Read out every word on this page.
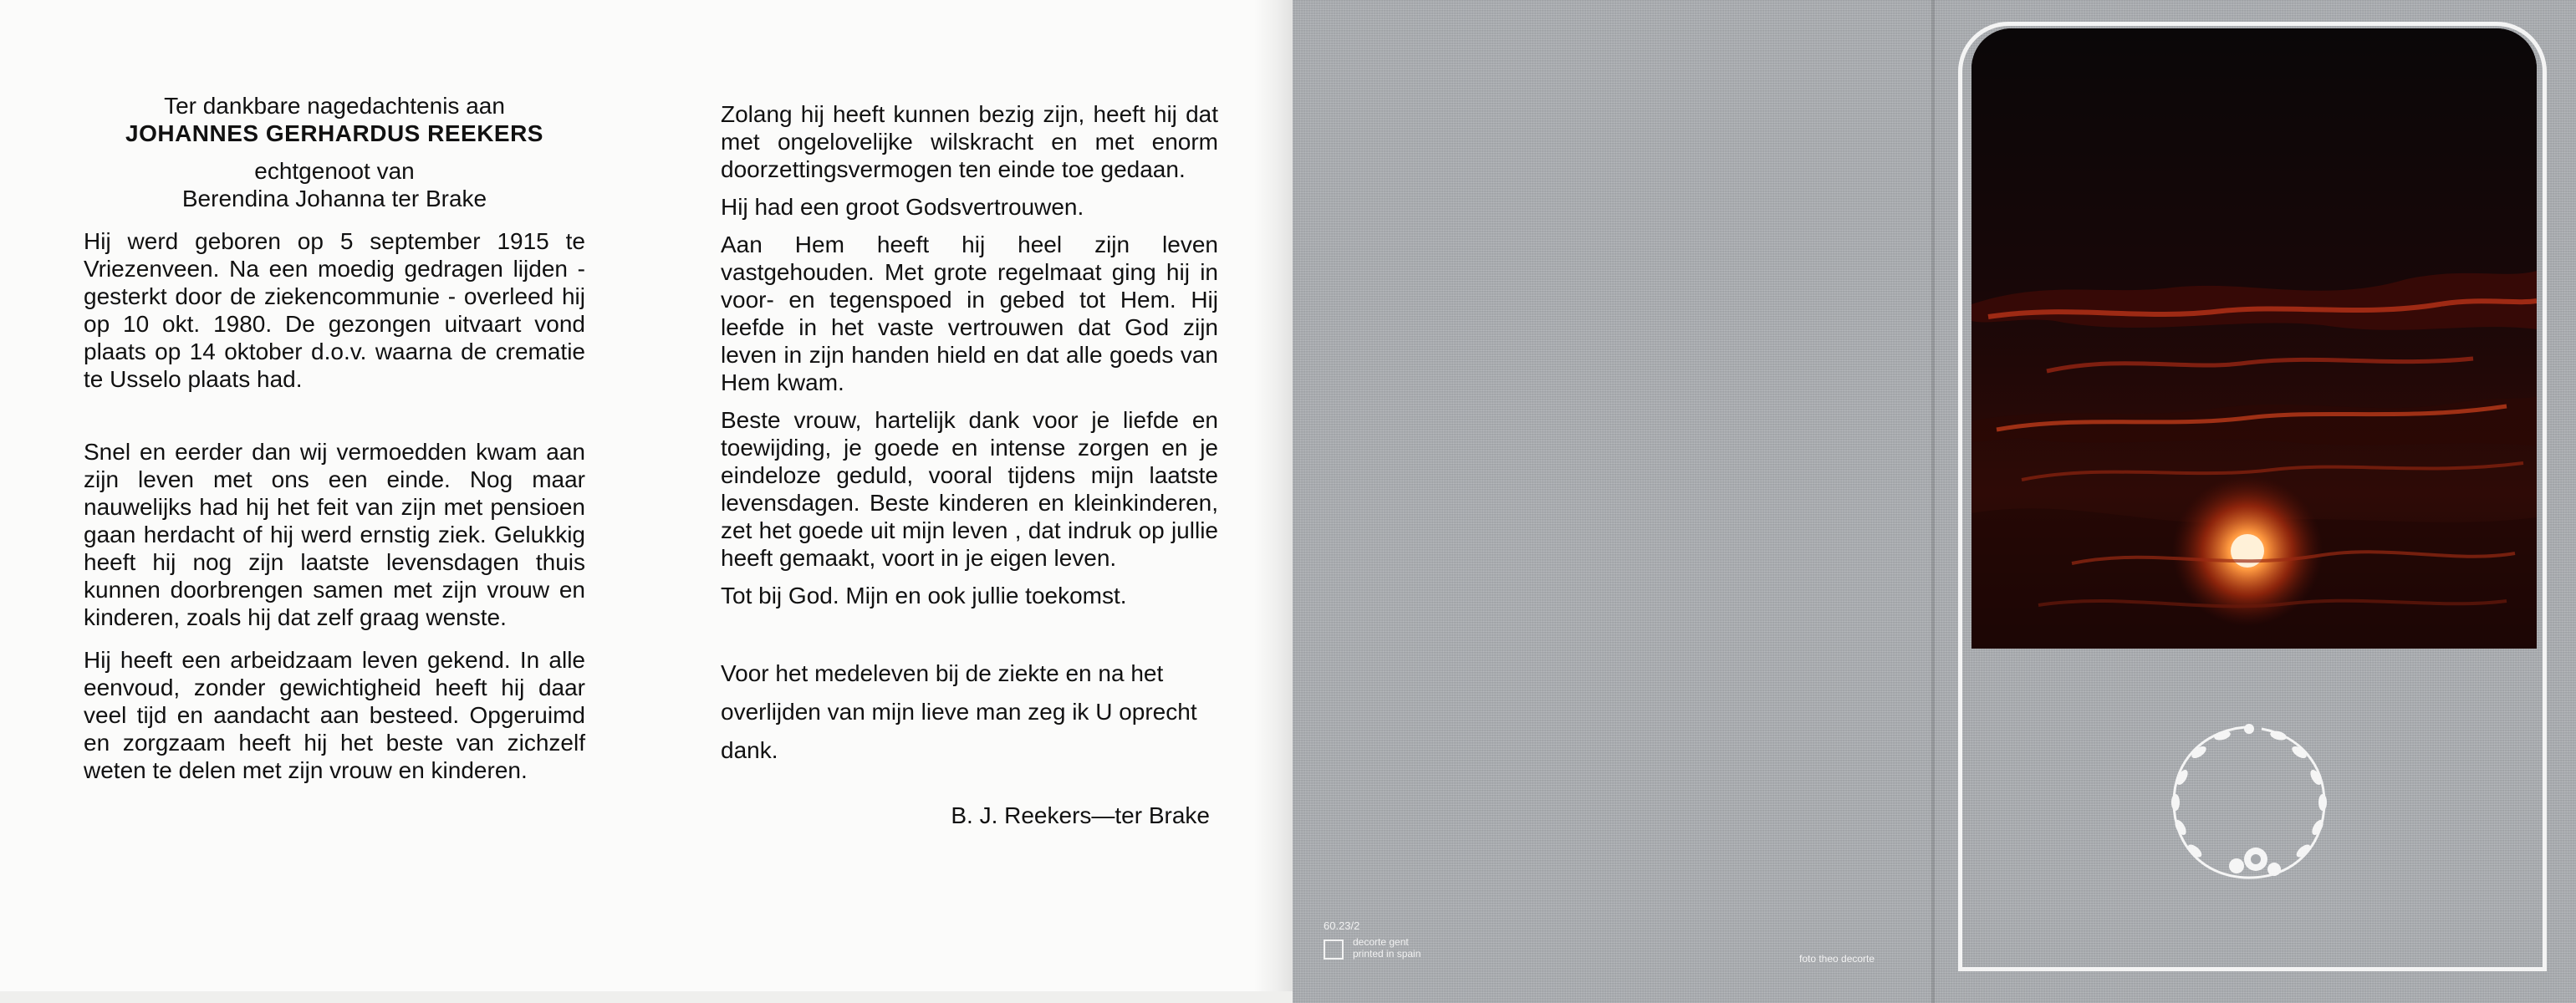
Ter dankbare nagedachtenis aan

JOHANNES GERHARDUS REEKERS

echtgenoot van

Berendina Johanna ter Brake

Hij werd geboren op 5 september 1915 te Vriezenveen. Na een moedig gedragen lijden - gesterkt door de ziekencommunie - overleed hij op 10 okt. 1980. De gezongen uitvaart vond plaats op 14 oktober d.o.v. waarna de crematie te Usselo plaats had.

Snel en eerder dan wij vermoedden kwam aan zijn leven met ons een einde. Nog maar nauwelijks had hij het feit van zijn met pensioen gaan herdacht of hij werd ernstig ziek. Gelukkig heeft hij nog zijn laatste levensdagen thuis kunnen doorbrengen samen met zijn vrouw en kinderen, zoals hij dat zelf graag wenste.

Hij heeft een arbeidzaam leven gekend. In alle eenvoud, zonder gewichtigheid heeft hij daar veel tijd en aandacht aan besteed. Opgeruimd en zorgzaam heeft hij het beste van zichzelf weten te delen met zijn vrouw en kinderen.

Zolang hij heeft kunnen bezig zijn, heeft hij dat met ongelovelijke wilskracht en met enorm doorzettingsvermogen ten einde toe gedaan.

Hij had een groot Godsvertrouwen.

Aan Hem heeft hij heel zijn leven vastgehouden. Met grote regelmaat ging hij in voor- en tegenspoed in gebed tot Hem. Hij leefde in het vaste vertrouwen dat God zijn leven in zijn handen hield en dat alle goeds van Hem kwam.

Beste vrouw, hartelijk dank voor je liefde en toewijding, je goede en intense zorgen en je eindeloze geduld, vooral tijdens mijn laatste levensdagen. Beste kinderen en kleinkinderen, zet het goede uit mijn leven , dat indruk op jullie heeft gemaakt, voort in je eigen leven.

Tot bij God. Mijn en ook jullie toekomst.

Voor het medeleven bij de ziekte en na het overlijden van mijn lieve man zeg ik U oprecht dank.

B. J. Reekers—ter Brake

60.23/2
decorte gent
printed in spain	foto theo decorte
